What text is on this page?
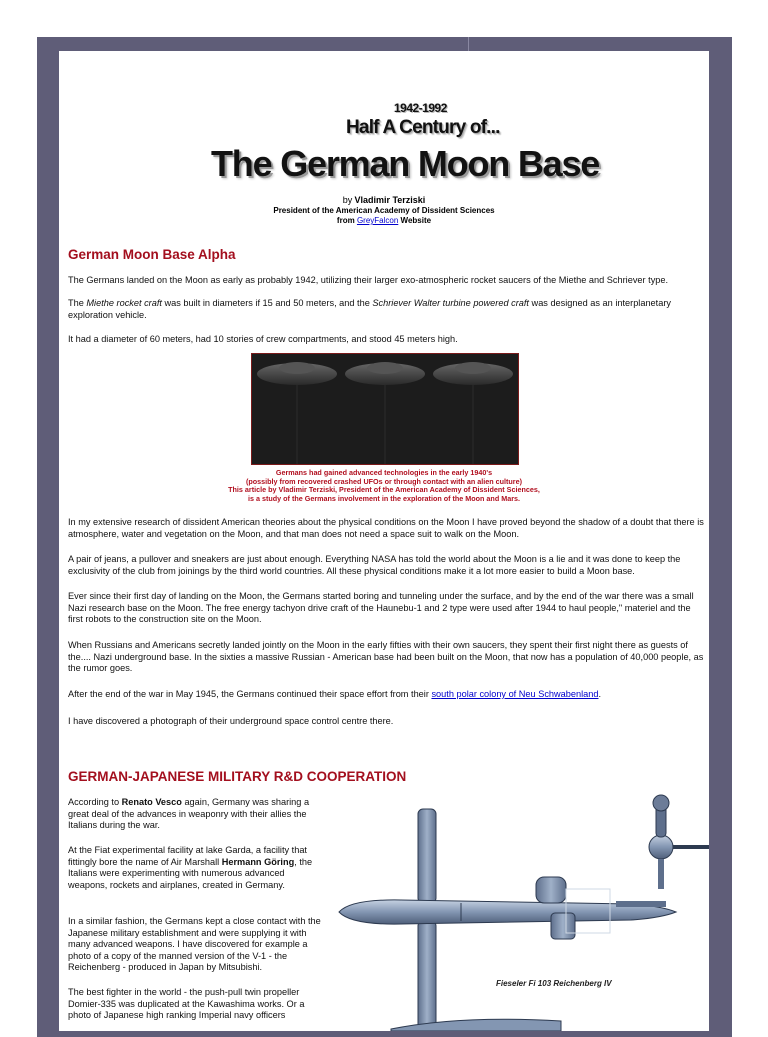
1942-1992
Half A Century of...
The German Moon Base
by Vladimir Terziski
President of the American Academy of Dissident Sciences
from GreyFalcon Website
German Moon Base Alpha

The Germans landed on the Moon as early as probably 1942, utilizing their larger exo-atmospheric rocket saucers of the Miethe and Schriever type.

The Miethe rocket craft was built in diameters if 15 and 50 meters, and the Schriever Walter turbine powered craft was designed as an interplanetary exploration vehicle.

It had a diameter of 60 meters, had 10 stories of crew compartments, and stood 45 meters high.

Germans had gained advanced technologies in the early 1940's
(possibly from recovered crashed UFOs or through contact with an alien culture)
This article by Vladimir Terziski, President of the American Academy of Dissident Sciences,
is a study of the Germans involvement in the exploration of the Moon and Mars.

In my extensive research of dissident American theories about the physical conditions on the Moon I have proved beyond the shadow of a doubt that there is atmosphere, water and vegetation on the Moon, and that man does not need a space suit to walk on the Moon.

A pair of jeans, a pullover and sneakers are just about enough. Everything NASA has told the world about the Moon is a lie and it was done to keep the exclusivity of the club from joinings by the third world countries. All these physical conditions make it a lot more easier to build a Moon base.

Ever since their first day of landing on the Moon, the Germans started boring and tunneling under the surface, and by the end of the war there was a small Nazi research base on the Moon. The free energy tachyon drive craft of the Haunebu-1 and 2 type were used after 1944 to haul people," materiel and the first robots to the construction site on the Moon.

When Russians and Americans secretly landed jointly on the Moon in the early fifties with their own saucers, they spent their first night there as guests of the.... Nazi underground base. In the sixties a massive Russian - American base had been built on the Moon, that now has a population of 40,000 people, as the rumor goes.

After the end of the war in May 1945, the Germans continued their space effort from their south polar colony of Neu Schwabenland.

I have discovered a photograph of their underground space control centre there.

GERMAN-JAPANESE MILITARY R&D COOPERATION

According to Renato Vesco again, Germany was sharing a great deal of the advances in weaponry with their allies the Italians during the war.

At the Fiat experimental facility at lake Garda, a facility that fittingly bore the name of Air Marshall Hermann Göring, the Italians were experimenting with numerous advanced weapons, rockets and airplanes, created in Germany.

In a similar fashion, the Germans kept a close contact with the Japanese military establishment and were supplying it with many advanced weapons. I have discovered for example a photo of a copy of the manned version of the V-1 - the Reichenberg - produced in Japan by Mitsubishi.

The best fighter in the world - the push-pull twin propeller Domier-335 was duplicated at the Kawashima works. Or a photo of Japanese high ranking Imperial navy officers

Fieseler Fi 103 Reichenberg IV
